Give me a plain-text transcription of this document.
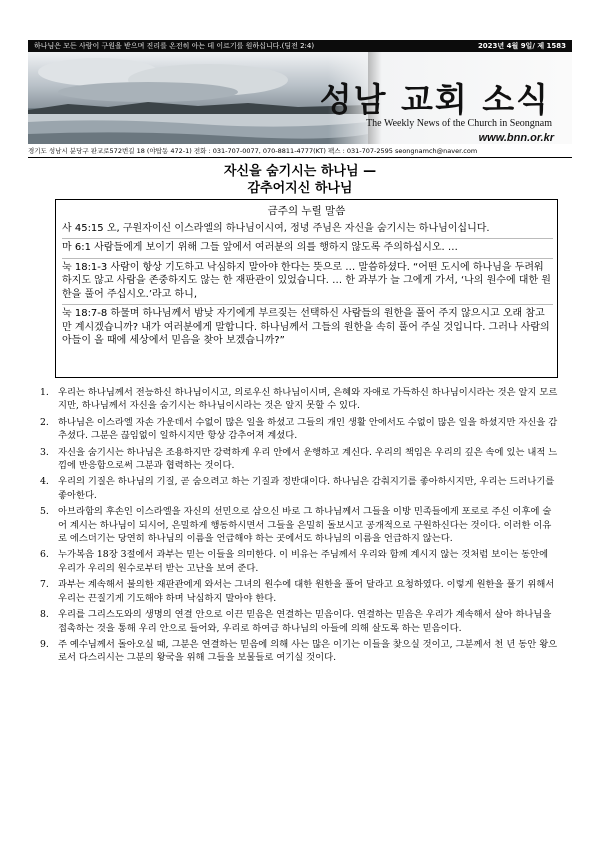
하나님은 모든 사람이 구원을 받으며 진리를 온전히 아는 데 이르기를 원하십니다.(딤전 2:4)	2023년 4월 9일/ 제 1583
성남 교회 소식
The Weekly News of the Church in Seongnam
www.bnn.or.kr
경기도 성남시 분당구 판교로572번길 18 (야탑동 472-1) 전화 : 031-707-0077, 070-8811-4777(KT) 팩스 : 031-707-2595 seongnamch@naver.com
자신을 숨기시는 하나님 —
감추어지신 하나님
금주의 누릴 말씀
사 45:15 오, 구원자이신 이스라엘의 하나님이시여, 정녕 주님은 자신을 숨기시는 하나님이십니다.
마 6:1 사람들에게 보이기 위해 그들 앞에서 여러분의 의를 행하지 않도록 주의하십시오. …
눅 18:1-3 사람이 항상 기도하고 낙심하지 말아야 한다는 뜻으로 … 말씀하셨다. “어떤 도시에 하나님을 두려워하지도 않고 사람을 존중하지도 않는 한 재판관이 있었습니다. … 한 과부가 늘 그에게 가서, ‘나의 원수에 대한 원한을 풀어 주십시오.’라고 하니,
눅 18:7-8 하물며 하나님께서 밤낮 자기에게 부르짖는 선택하신 사람들의 원한을 풀어 주지 않으시고 오래 참고만 계시겠습니까? 내가 여러분에게 말합니다. 하나님께서 그들의 원한을 속히 풀어 주실 것입니다. 그러나 사람의 아들이 올 때에 세상에서 믿음을 찾아 보겠습니까?”
1. 우리는 하나님께서 전능하신 하나님이시고, 의로우신 하나님이시며, 은혜와 자애로 가득하신 하나님이시라는 것은 알지 모르지만, 하나님께서 자신을 숨기시는 하나님이시라는 것은 알지 못할 수 있다.
2. 하나님은 이스라엘 자손 가운데서 수없이 많은 일을 하셨고 그들의 개인 생활 안에서도 수없이 많은 일을 하셨지만 자신을 감추셨다. 그분은 끊임없이 일하시지만 항상 감추어져 계셨다.
3. 자신을 숨기시는 하나님은 조용하지만 강력하게 우리 안에서 운행하고 계신다. 우리의 책임은 우리의 깊은 속에 있는 내적 느낌에 반응함으로써 그분과 협력하는 것이다.
4. 우리의 기질은 하나님의 기질, 곧 숨으려고 하는 기질과 정반대이다. 하나님은 감춰지기를 좋아하시지만, 우리는 드러나기를 좋아한다.
5. 아브라함의 후손인 이스라엘을 자신의 선민으로 삼으신 바로 그 하나님께서 그들을 이방 민족들에게 포로로 주신 이후에 술어 계시는 하나님이 되시어, 은밀하게 행동하시면서 그들을 은밀히 돌보시고 공개적으로 구원하신다는 것이다. 이러한 이유로 에스더기는 당연히 하나님의 이름을 언급해야 하는 곳에서도 하나님의 이름을 언급하지 않는다.
6. 누가복음 18장 3절에서 과부는 믿는 이들을 의미한다. 이 비유는 주님께서 우리와 함께 계시지 않는 것처럼 보이는 동안에 우리가 우리의 원수로부터 받는 고난을 보여 준다.
7. 과부는 계속해서 불의한 재판관에게 와서는 그녀의 원수에 대한 원한을 풀어 달라고 요청하였다. 이렇게 원한을 풀기 위해서 우리는 끈질기게 기도해야 하며 낙심하지 말아야 한다.
8. 우리를 그리스도와의 생명의 연결 안으로 이끈 믿음은 연결하는 믿음이다. 연결하는 믿음은 우리가 계속해서 살아 하나님을 접촉하는 것을 통해 우리 안으로 들어와, 우리로 하여금 하나님의 아들에 의해 살도록 하는 믿음이다.
9. 주 예수님께서 돌아오실 때, 그분은 연결하는 믿음에 의해 사는 많은 이기는 이들을 찾으실 것이고, 그분께서 천 년 동안 왕으로서 다스리시는 그분의 왕국을 위해 그들을 보물들로 여기실 것이다.
